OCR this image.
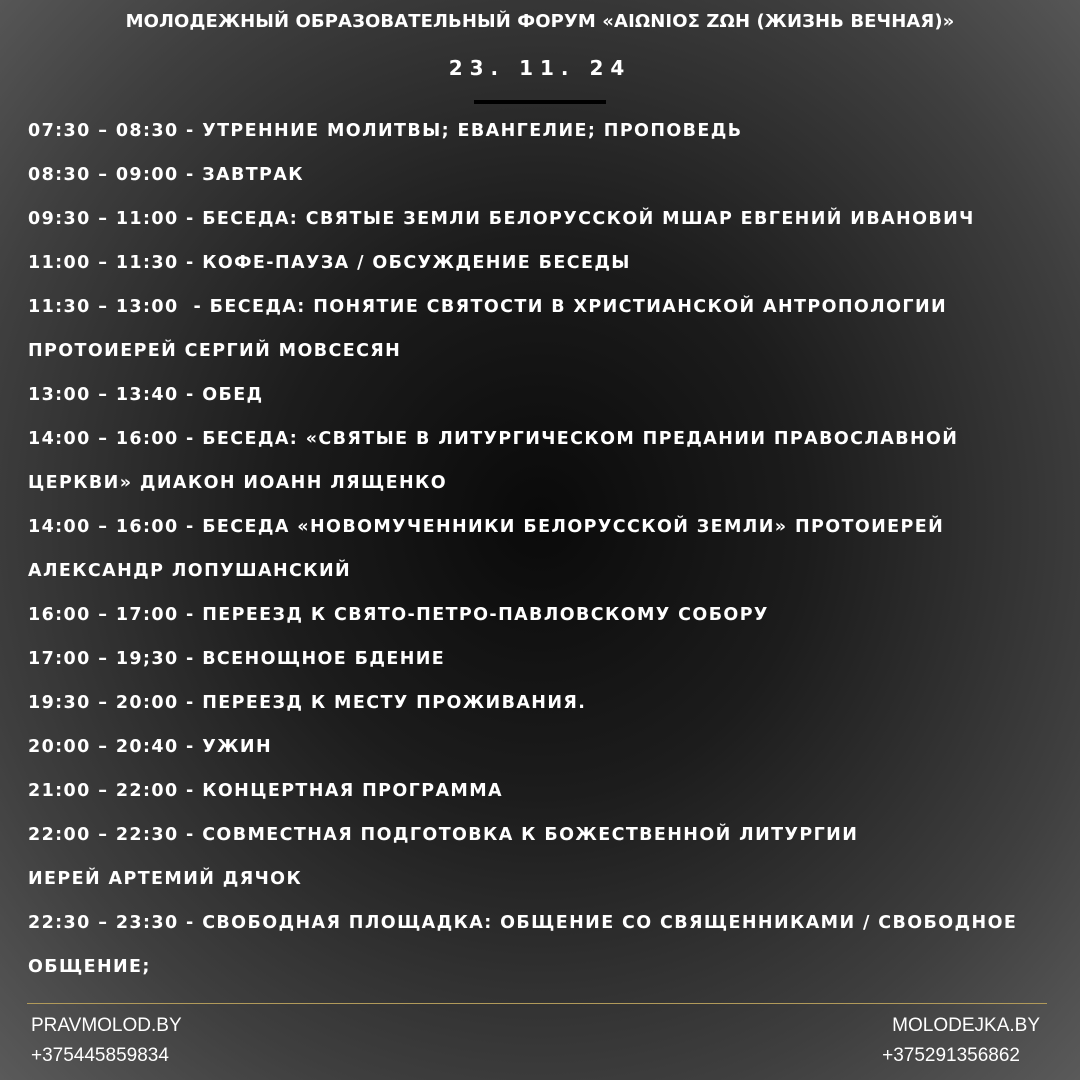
МОЛОДЕЖНЫЙ ОБРАЗОВАТЕЛЬНЫЙ ФОРУМ «ΑΙΩΝΙΟΣ ΖΩΗ (ЖИЗНЬ ВЕЧНАЯ)»
23. 11. 24
07:30 – 08:30 - УТРЕННИЕ МОЛИТВЫ; ЕВАНГЕЛИЕ; ПРОПОВЕДЬ
08:30 – 09:00 - ЗАВТРАК
09:30 – 11:00 - БЕСЕДА: СВЯТЫЕ ЗЕМЛИ БЕЛОРУССКОЙ МШАР ЕВГЕНИЙ ИВАНОВИЧ
11:00 – 11:30 - КОФЕ-ПАУЗА / ОБСУЖДЕНИЕ БЕСЕДЫ
11:30 – 13:00  - БЕСЕДА: ПОНЯТИЕ СВЯТОСТИ В ХРИСТИАНСКОЙ АНТРОПОЛОГИИ
ПРОТОИЕРЕЙ СЕРГИЙ МОВСЕСЯН
13:00 – 13:40 - ОБЕД
14:00 – 16:00 - БЕСЕДА: «СВЯТЫЕ В ЛИТУРГИЧЕСКОМ ПРЕДАНИИ ПРАВОСЛАВНОЙ
ЦЕРКВИ» ДИАКОН ИОАНН ЛЯЩЕНКО
14:00 – 16:00 - БЕСЕДА «НОВОМУЧЕННИКИ БЕЛОРУССКОЙ ЗЕМЛИ» ПРОТОИЕРЕЙ
АЛЕКСАНДР ЛОПУШАНСКИЙ
16:00 – 17:00 - ПЕРЕЕЗД К СВЯТО-ПЕТРО-ПАВЛОВСКОМУ СОБОРУ
17:00 – 19;30 - ВСЕНОЩНОЕ БДЕНИЕ
19:30 – 20:00 - ПЕРЕЕЗД К МЕСТУ ПРОЖИВАНИЯ.
20:00 – 20:40 - УЖИН
21:00 – 22:00 - КОНЦЕРТНАЯ ПРОГРАММА
22:00 – 22:30 - СОВМЕСТНАЯ ПОДГОТОВКА К БОЖЕСТВЕННОЙ ЛИТУРГИИ
ИЕРЕЙ АРТЕМИЙ ДЯЧОК
22:30 – 23:30 - СВОБОДНАЯ ПЛОЩАДКА: ОБЩЕНИЕ СО СВЯЩЕННИКАМИ / СВОБОДНОЕ
ОБЩЕНИЕ;
PRAVMOLOD.BY
+375445859834
MOLODEJKA.BY
+375291356862
